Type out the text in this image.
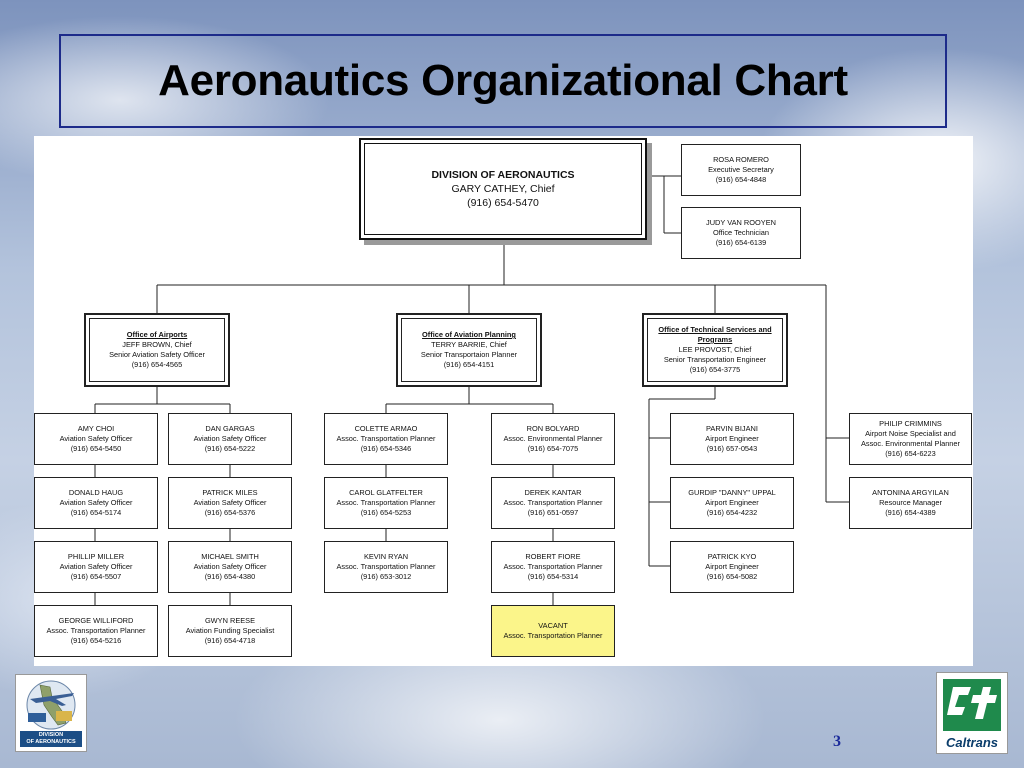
Aeronautics Organizational Chart
DIVISION OF AERONAUTICS
GARY CATHEY, Chief
(916) 654-5470
ROSA ROMERO
Executive Secretary
(916) 654-4848
JUDY VAN ROOYEN
Office Technician
(916) 654-6139
Office of Airports
JEFF BROWN, Chief
Senior Aviation Safety Officer
(916) 654-4565
Office of Aviation Planning
TERRY BARRIE, Chief
Senior Transportaion Planner
(916) 654-4151
Office of Technical Services and Programs
LEE PROVOST, Chief
Senior Transportation Engineer
(916) 654-3775
AMY CHOI
Aviation Safety Officer
(916) 654-5450
DONALD HAUG
Aviation Safety Officer
(916) 654-5174
PHILLIP MILLER
Aviation Safety Officer
(916) 654-5507
GEORGE WILLIFORD
Assoc. Transportation Planner
(916) 654-5216
DAN GARGAS
Aviation Safety Officer
(916) 654-5222
PATRICK MILES
Aviation Safety Officer
(916) 654-5376
MICHAEL SMITH
Aviation Safety Officer
(916) 654-4380
GWYN REESE
Aviation Funding Specialist
(916) 654-4718
COLETTE ARMAO
Assoc. Transportation Planner
(916) 654-5346
CAROL GLATFELTER
Assoc. Transportation Planner
(916) 654-5253
KEVIN RYAN
Assoc. Transportation Planner
(916) 653-3012
RON BOLYARD
Assoc. Environmental Planner
(916) 654-7075
DEREK KANTAR
Assoc. Transportation Planner
(916) 651-0597
ROBERT FIORE
Assoc. Transportation Planner
(916) 654-5314
VACANT
Assoc. Transportation Planner
PARVIN BIJANI
Airport Engineer
(916) 657-0543
GURDIP "DANNY" UPPAL
Airport Engineer
(916) 654-4232
PATRICK KYO
Airport Engineer
(916) 654-5082
PHILIP CRIMMINS
Airport Noise Specialist and
Assoc. Environmental Planner
(916) 654-6223
ANTONINA ARGYILAN
Resource Manager
(916) 654-4389
DIVISION
OF AERONAUTICS	3	Caltrans
